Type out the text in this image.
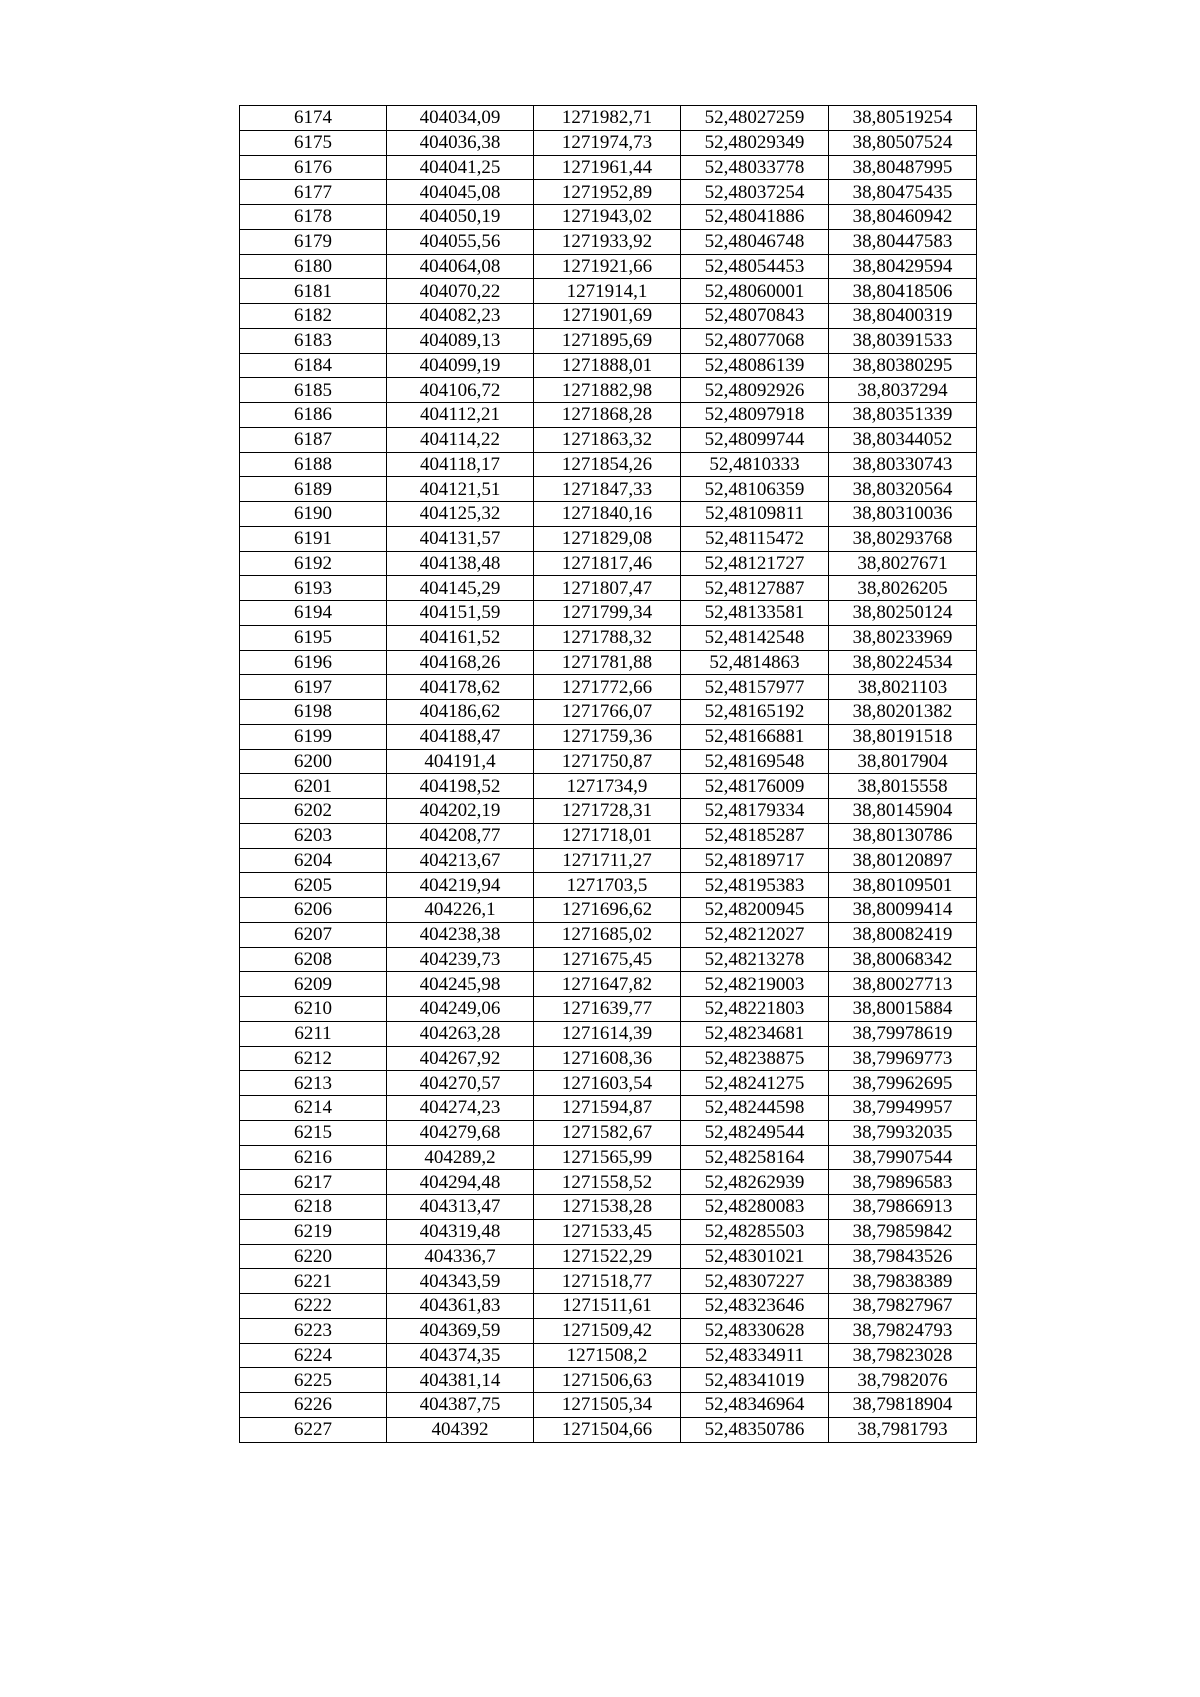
6174	404034,09	1271982,71	52,48027259	38,80519254
6175	404036,38	1271974,73	52,48029349	38,80507524
6176	404041,25	1271961,44	52,48033778	38,80487995
6177	404045,08	1271952,89	52,48037254	38,80475435
6178	404050,19	1271943,02	52,48041886	38,80460942
6179	404055,56	1271933,92	52,48046748	38,80447583
6180	404064,08	1271921,66	52,48054453	38,80429594
6181	404070,22	1271914,1	52,48060001	38,80418506
6182	404082,23	1271901,69	52,48070843	38,80400319
6183	404089,13	1271895,69	52,48077068	38,80391533
6184	404099,19	1271888,01	52,48086139	38,80380295
6185	404106,72	1271882,98	52,48092926	38,8037294
6186	404112,21	1271868,28	52,48097918	38,80351339
6187	404114,22	1271863,32	52,48099744	38,80344052
6188	404118,17	1271854,26	52,4810333	38,80330743
6189	404121,51	1271847,33	52,48106359	38,80320564
6190	404125,32	1271840,16	52,48109811	38,80310036
6191	404131,57	1271829,08	52,48115472	38,80293768
6192	404138,48	1271817,46	52,48121727	38,8027671
6193	404145,29	1271807,47	52,48127887	38,8026205
6194	404151,59	1271799,34	52,48133581	38,80250124
6195	404161,52	1271788,32	52,48142548	38,80233969
6196	404168,26	1271781,88	52,4814863	38,80224534
6197	404178,62	1271772,66	52,48157977	38,8021103
6198	404186,62	1271766,07	52,48165192	38,80201382
6199	404188,47	1271759,36	52,48166881	38,80191518
6200	404191,4	1271750,87	52,48169548	38,8017904
6201	404198,52	1271734,9	52,48176009	38,8015558
6202	404202,19	1271728,31	52,48179334	38,80145904
6203	404208,77	1271718,01	52,48185287	38,80130786
6204	404213,67	1271711,27	52,48189717	38,80120897
6205	404219,94	1271703,5	52,48195383	38,80109501
6206	404226,1	1271696,62	52,48200945	38,80099414
6207	404238,38	1271685,02	52,48212027	38,80082419
6208	404239,73	1271675,45	52,48213278	38,80068342
6209	404245,98	1271647,82	52,48219003	38,80027713
6210	404249,06	1271639,77	52,48221803	38,80015884
6211	404263,28	1271614,39	52,48234681	38,79978619
6212	404267,92	1271608,36	52,48238875	38,79969773
6213	404270,57	1271603,54	52,48241275	38,79962695
6214	404274,23	1271594,87	52,48244598	38,79949957
6215	404279,68	1271582,67	52,48249544	38,79932035
6216	404289,2	1271565,99	52,48258164	38,79907544
6217	404294,48	1271558,52	52,48262939	38,79896583
6218	404313,47	1271538,28	52,48280083	38,79866913
6219	404319,48	1271533,45	52,48285503	38,79859842
6220	404336,7	1271522,29	52,48301021	38,79843526
6221	404343,59	1271518,77	52,48307227	38,79838389
6222	404361,83	1271511,61	52,48323646	38,79827967
6223	404369,59	1271509,42	52,48330628	38,79824793
6224	404374,35	1271508,2	52,48334911	38,79823028
6225	404381,14	1271506,63	52,48341019	38,7982076
6226	404387,75	1271505,34	52,48346964	38,79818904
6227	404392	1271504,66	52,48350786	38,7981793
